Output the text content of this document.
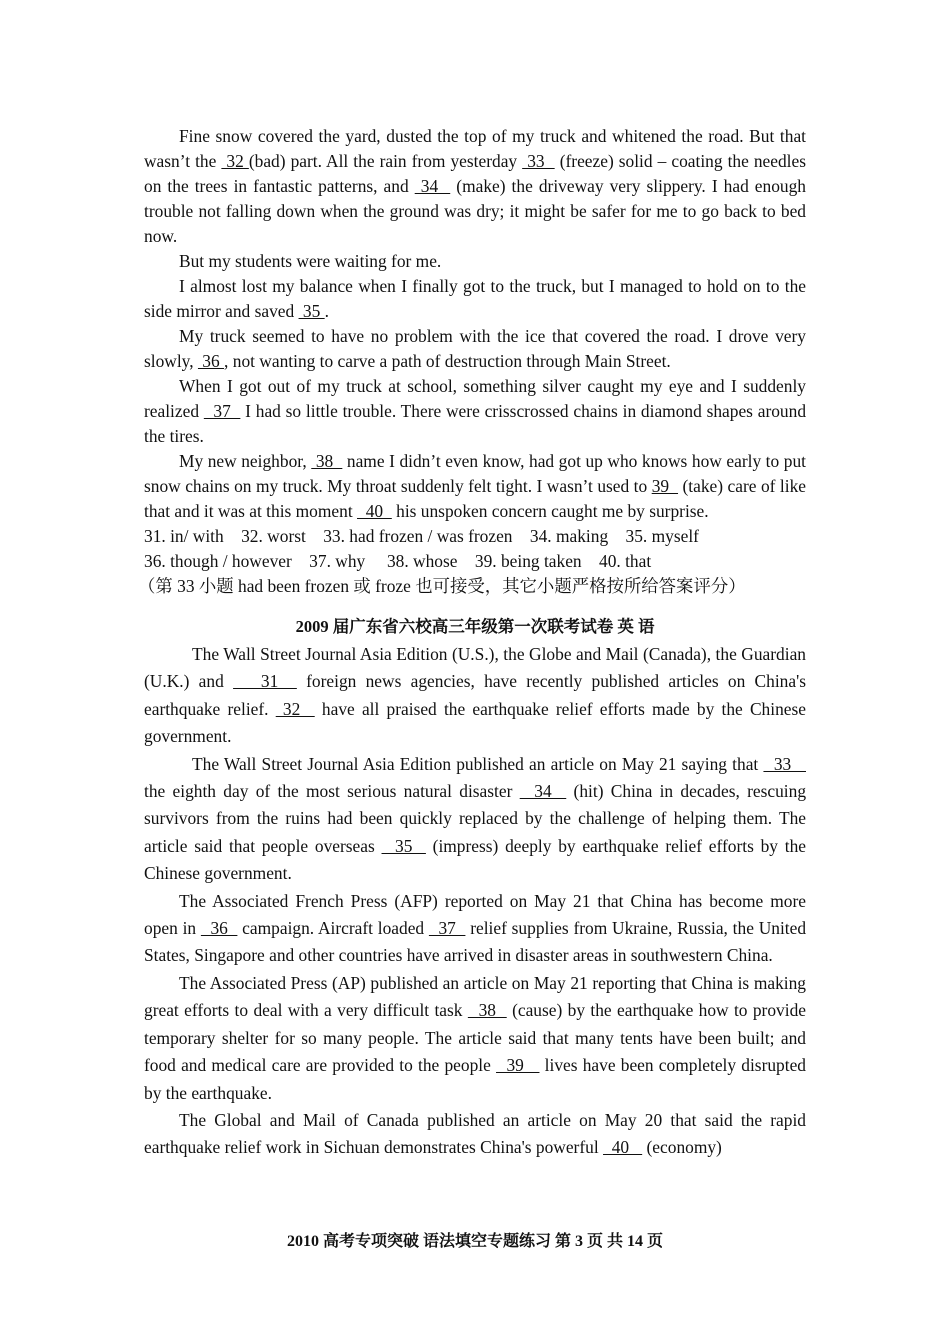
Fine snow covered the yard, dusted the top of my truck and whitened the road. But that wasn’t the  32 (bad) part. All the rain from yesterday  33   (freeze) solid – coating the needles on the trees in fantastic patterns, and  34   (make) the driveway very slippery. I had enough trouble not falling down when the ground was dry; it might be safer for me to go back to bed now.

But my students were waiting for me.

I almost lost my balance when I finally got to the truck, but I managed to hold on to the side mirror and saved  35 .

My truck seemed to have no problem with the ice that covered the road. I drove very slowly,  36 , not wanting to carve a path of destruction through Main Street.

When I got out of my truck at school, something silver caught my eye and I suddenly realized   37   I had so little trouble. There were crisscrossed chains in diamond shapes around the tires.

My new neighbor,  38   name I didn’t even know, had got up who knows how early to put snow chains on my truck. My throat suddenly felt tight. I wasn’t used to 39   (take) care of like that and it was at this moment   40   his unspoken concern caught me by surprise.

31. in/ with    32. worst    33. had frozen / was frozen    34. making    35. myself

36. though / however    37. why     38. whose    39. being taken    40. that

（第 33 小题 had been frozen 或 froze 也可接受，其它小题严格按所给答案评分）

2009 届广东省六校高三年级第一次联考试卷 英 语

The Wall Street Journal Asia Edition (U.S.), the Globe and Mail (Canada), the Guardian (U.K.) and    31   foreign news agencies, have recently published articles on China's earthquake relief.  32   have all praised the earthquake relief efforts made by the Chinese government.

The Wall Street Journal Asia Edition published an article on May 21 saying that   33    the eighth day of the most serious natural disaster   34   (hit) China in decades, rescuing survivors from the ruins had been quickly replaced by the challenge of helping them. The article said that people overseas   35   (impress) deeply by earthquake relief efforts by the Chinese government.

The Associated French Press (AFP) reported on May 21 that China has become more open in   36   campaign. Aircraft loaded   37   relief supplies from Ukraine, Russia, the United States, Singapore and other countries have arrived in disaster areas in southwestern China.

The Associated Press (AP) published an article on May 21 reporting that China is making great efforts to deal with a very difficult task   38   (cause) by the earthquake how to provide temporary shelter for so many people. The article said that many tents have been built; and food and medical care are provided to the people   39    lives have been completely disrupted by the earthquake.

The Global and Mail of Canada published an article on May 20 that said the rapid earthquake relief work in Sichuan demonstrates China's powerful   40    (economy)

2010 高考专项突破 语法填空专题练习 第 3 页 共 14 页
